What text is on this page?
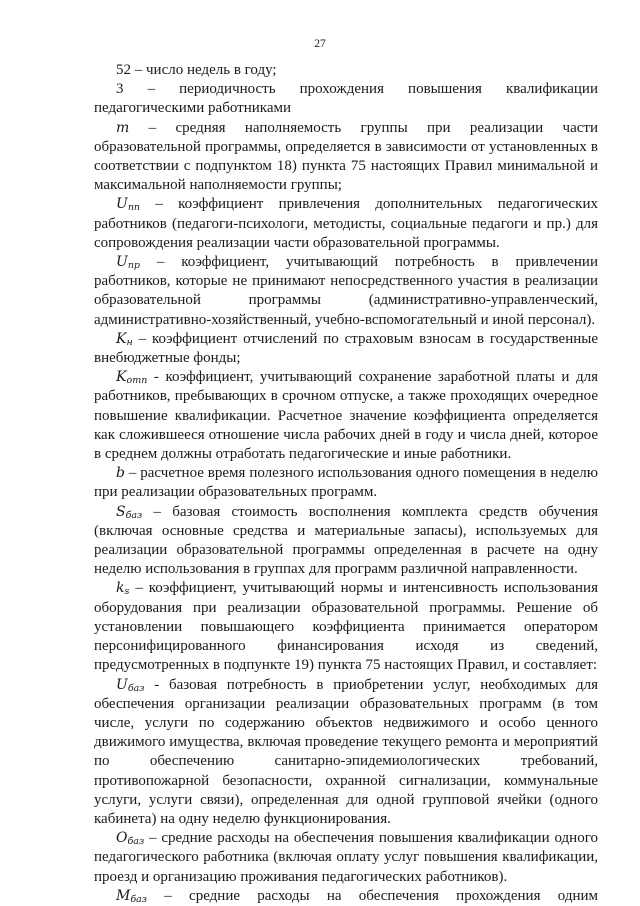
27

52 – число недель в году;

3 – периодичность прохождения повышения квалификации педагогическими работниками

m – средняя наполняемость группы при реализации части образовательной программы, определяется в зависимости от установленных в соответствии с подпунктом 18) пункта 75 настоящих Правил минимальной и максимальной наполняемости группы;

$U_{пп}$ – коэффициент привлечения дополнительных педагогических работников (педагоги-психологи, методисты, социальные педагоги и пр.) для сопровождения реализации части образовательной программы.

$U_{пр}$ – коэффициент, учитывающий потребность в привлечении работников, которые не принимают непосредственного участия в реализации образовательной программы (административно-управленческий, административно-хозяйственный, учебно-вспомогательный и иной персонал).

$K_н$ – коэффициент отчислений по страховым взносам в государственные внебюджетные фонды;

$K_{отп}$ - коэффициент, учитывающий сохранение заработной платы и для работников, пребывающих в срочном отпуске, а также проходящих очередное повышение квалификации. Расчетное значение коэффициента определяется как сложившееся отношение числа рабочих дней в году и числа дней, которое в среднем должны отработать педагогические и иные работники.

b – расчетное время полезного использования одного помещения в неделю при реализации образовательных программ.

$S_{баз}$ – базовая стоимость восполнения комплекта средств обучения (включая основные средства и материальные запасы), используемых для реализации образовательной программы определенная в расчете на одну неделю использования в группах для программ различной направленности.

$k_s$ – коэффициент, учитывающий нормы и интенсивность использования оборудования при реализации образовательной программы. Решение об установлении повышающего коэффициента принимается оператором персонифицированного финансирования исходя из сведений, предусмотренных в подпункте 19) пункта 75 настоящих Правил, и составляет:

$U_{баз}$ - базовая потребность в приобретении услуг, необходимых для обеспечения организации реализации образовательных программ (в том числе, услуги по содержанию объектов недвижимого и особо ценного движимого имущества, включая проведение текущего ремонта и мероприятий по обеспечению санитарно-эпидемиологических требований, противопожарной безопасности, охранной сигнализации, коммунальные услуги, услуги связи), определенная для одной групповой ячейки (одного кабинета) на одну неделю функционирования.

$O_{баз}$ – средние расходы на обеспечения повышения квалификации одного педагогического работника (включая оплату услуг повышения квалификации, проезд и организацию проживания педагогических работников).

$M_{баз}$ – средние расходы на обеспечения прохождения одним
